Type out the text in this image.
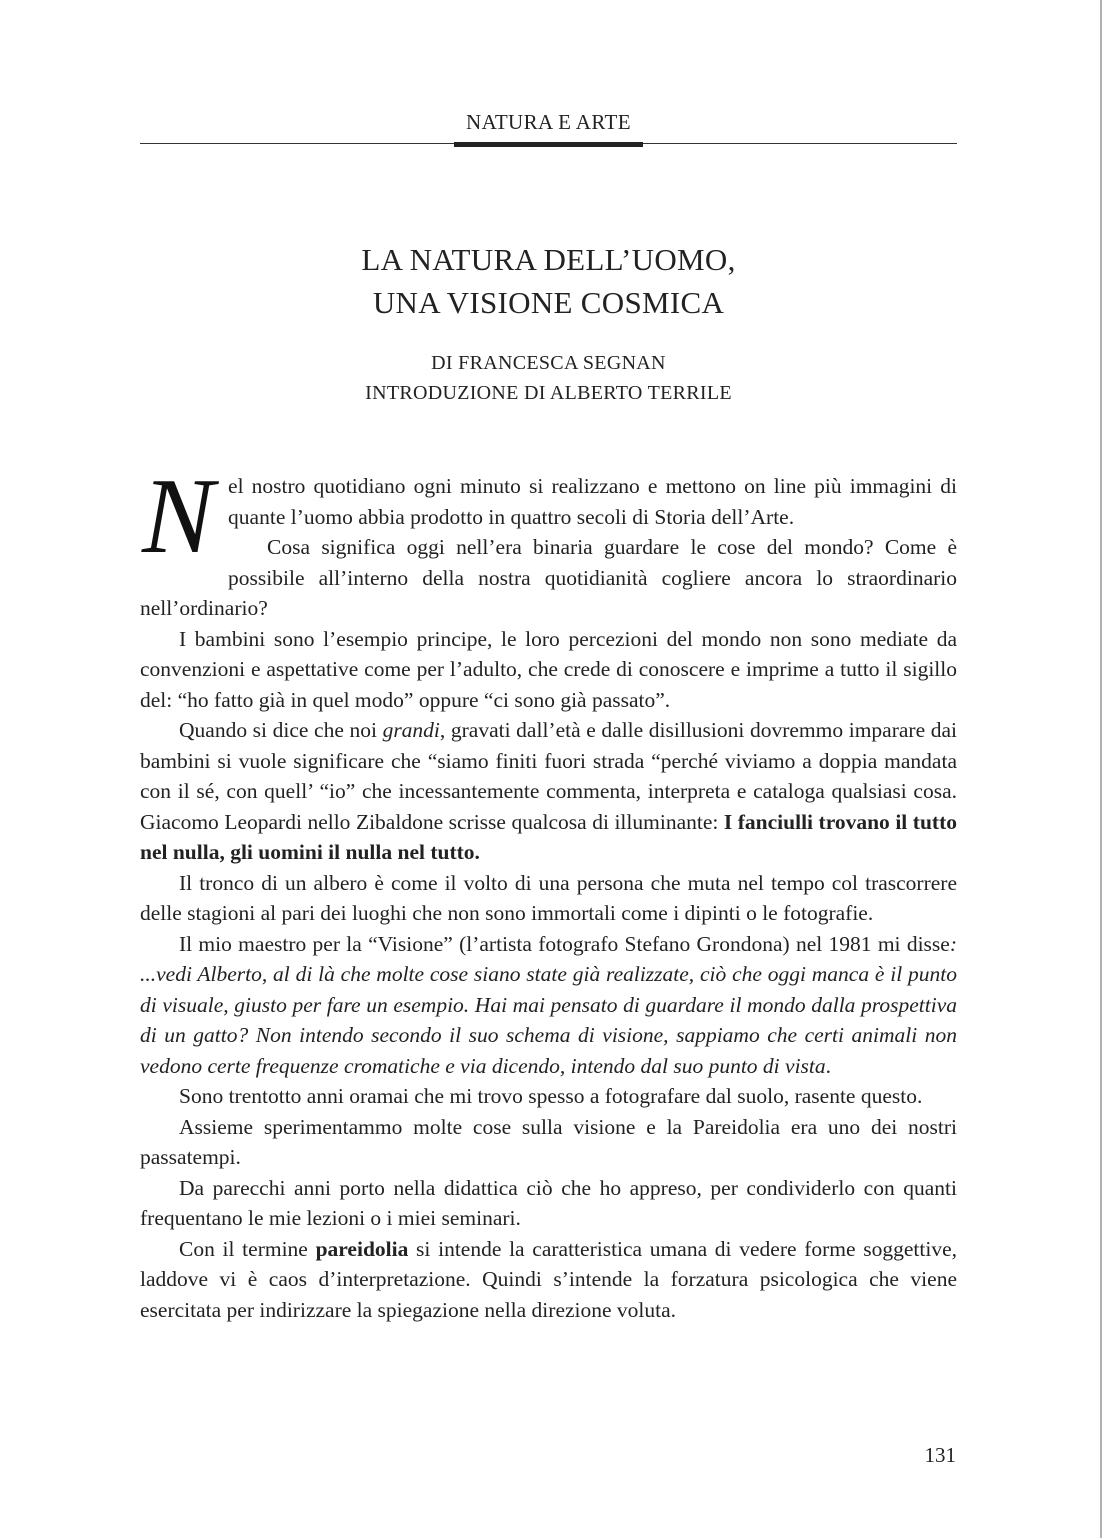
NATURA E ARTE
LA NATURA DELL’UOMO,
UNA VISIONE COSMICA
DI FRANCESCA SEGNAN
INTRODUZIONE DI ALBERTO TERRILE

Nel nostro quotidiano ogni minuto si realizzano e mettono on line più immagini di quante l’uomo abbia prodotto in quattro secoli di Storia dell’Arte.

Cosa significa oggi nell’era binaria guardare le cose del mondo? Come è possibile all’interno della nostra quotidianità cogliere ancora lo straordinario nell’ordinario?

I bambini sono l’esempio principe, le loro percezioni del mondo non sono mediate da convenzioni e aspettative come per l’adulto, che crede di conoscere e imprime a tutto il sigillo del: “ho fatto già in quel modo” oppure “ci sono già passato”.

Quando si dice che noi grandi, gravati dall’età e dalle disillusioni dovremmo imparare dai bambini si vuole significare che “siamo finiti fuori strada “perché viviamo a doppia mandata con il sé, con quell’ “io” che incessantemente commenta, interpreta e cataloga qualsiasi cosa. Giacomo Leopardi nello Zibaldone scrisse qualcosa di illuminante: I fanciulli trovano il tutto nel nulla, gli uomini il nulla nel tutto.

Il tronco di un albero è come il volto di una persona che muta nel tempo col trascorrere delle stagioni al pari dei luoghi che non sono immortali come i dipinti o le fotografie.

Il mio maestro per la “Visione” (l’artista fotografo Stefano Grondona) nel 1981 mi disse: ...vedi Alberto, al di là che molte cose siano state già realizzate, ciò che oggi manca è il punto di visuale, giusto per fare un esempio. Hai mai pensato di guardare il mondo dalla prospettiva di un gatto? Non intendo secondo il suo schema di visione, sappiamo che certi animali non vedono certe frequenze cromatiche e via dicendo, intendo dal suo punto di vista.

Sono trentotto anni oramai che mi trovo spesso a fotografare dal suolo, rasente questo.

Assieme sperimentammo molte cose sulla visione e la Pareidolia era uno dei nostri passatempi.

Da parecchi anni porto nella didattica ciò che ho appreso, per condividerlo con quanti frequentano le mie lezioni o i miei seminari.

Con il termine pareidolia si intende la caratteristica umana di vedere forme soggettive, laddove vi è caos d’interpretazione. Quindi s’intende la forzatura psicologica che viene esercitata per indirizzare la spiegazione nella direzione voluta.

131
